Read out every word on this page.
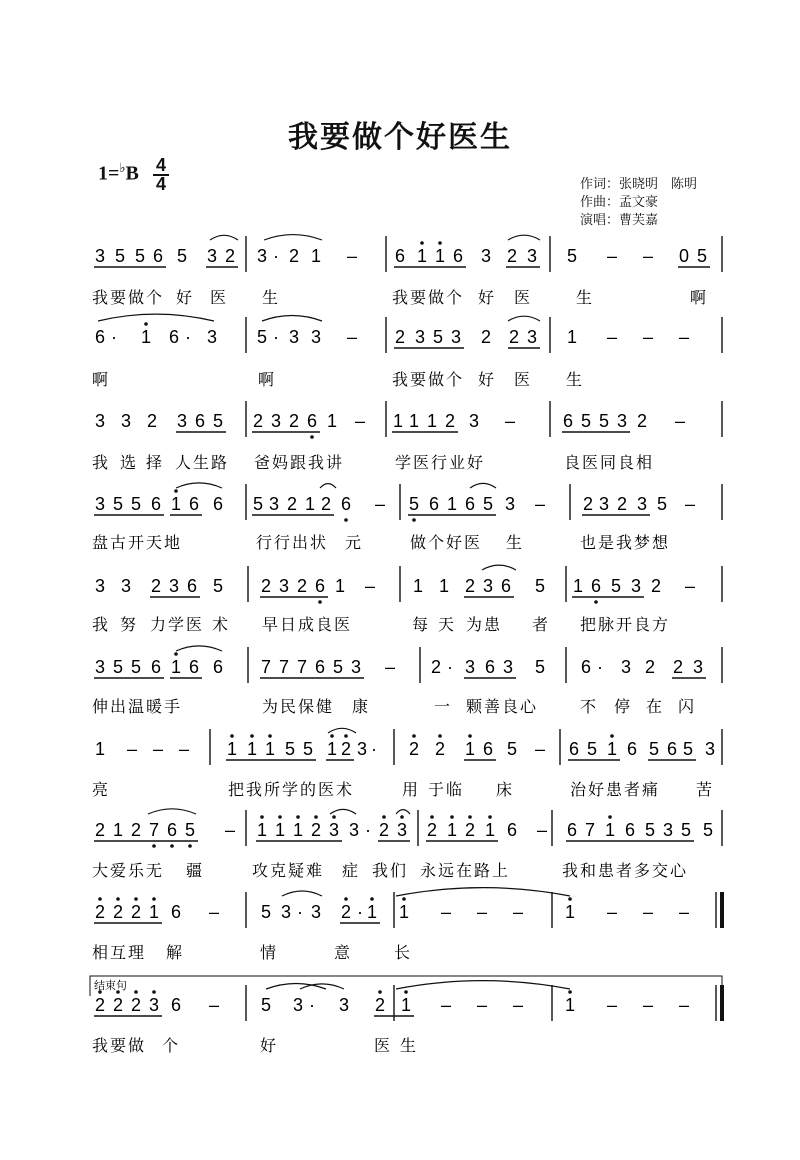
我要做个好医生
1=♭B 4
4	作词：张晓明　陈明
作曲：孟文豪
演唱：曹芙嘉
3 5 5 6 5 3 2 3 · 2 1 – 6 1 1 6 3 2 3 5 – – 0 5
我要做个 好 医 生	我要做个 好 医	生	啊
6 · 1 6 · 3 5 · 3 3 – 2 3 5 3 2 2 3 1 – – –
啊	啊	我要做个 好 医 生
3 3 2 3 6 5 2 3 2 6 1 – 1 1 1 2 3 –	6 5 5 3 2 –
我 选 择 人生路 爸妈跟我讲	学医行业好	良医同良相
3 5 5 6 1 6 6 5 3 2 1 2 6 – 5 6 1 6 5 3 – 2 3 2 3 5 –
盘古开天地	行行出状 元	做个好医 生	也是我梦想
3 3 2 3 6 5 2 3 2 6 1 – 1 1 2 3 6 5 1 6 5 3 2 –
我 努 力学医 术 早日成良医	每 天 为患 者 把脉开良方
3 5 5 6 1 6 6 7 7 7 6 5 3 – 2 · 3 6 3 5 6 · 3 2 2 3
伸出温暖手	为民保健 康	一 颗善良心	不 停 在 闪
1 – – – 1 1 1 5 5 1 2 3 · 2 2 1 6 5 – 6 5 1 6 5 6 5 3
亮	把我所学的医术	用 于临 床	治好患者痛 苦
2 1 2 7 6 5 – 1 1 1 2 3 3 · 2 3 2 1 2 1 6 – 6 7 1 6 5 3 5 5
大爱乐无 疆	攻克疑难 症 我们 永远在路上	我和患者多交心
2 2 2 1 6 – 5 3 · 3 2 · 1 1 – – – 1 – – –
相互理 解	情	意	长
2 2 2 3 6 – 5 3 · 3 2 1 – – – 1 – – –
我要做 个	好	医 生
结束句
